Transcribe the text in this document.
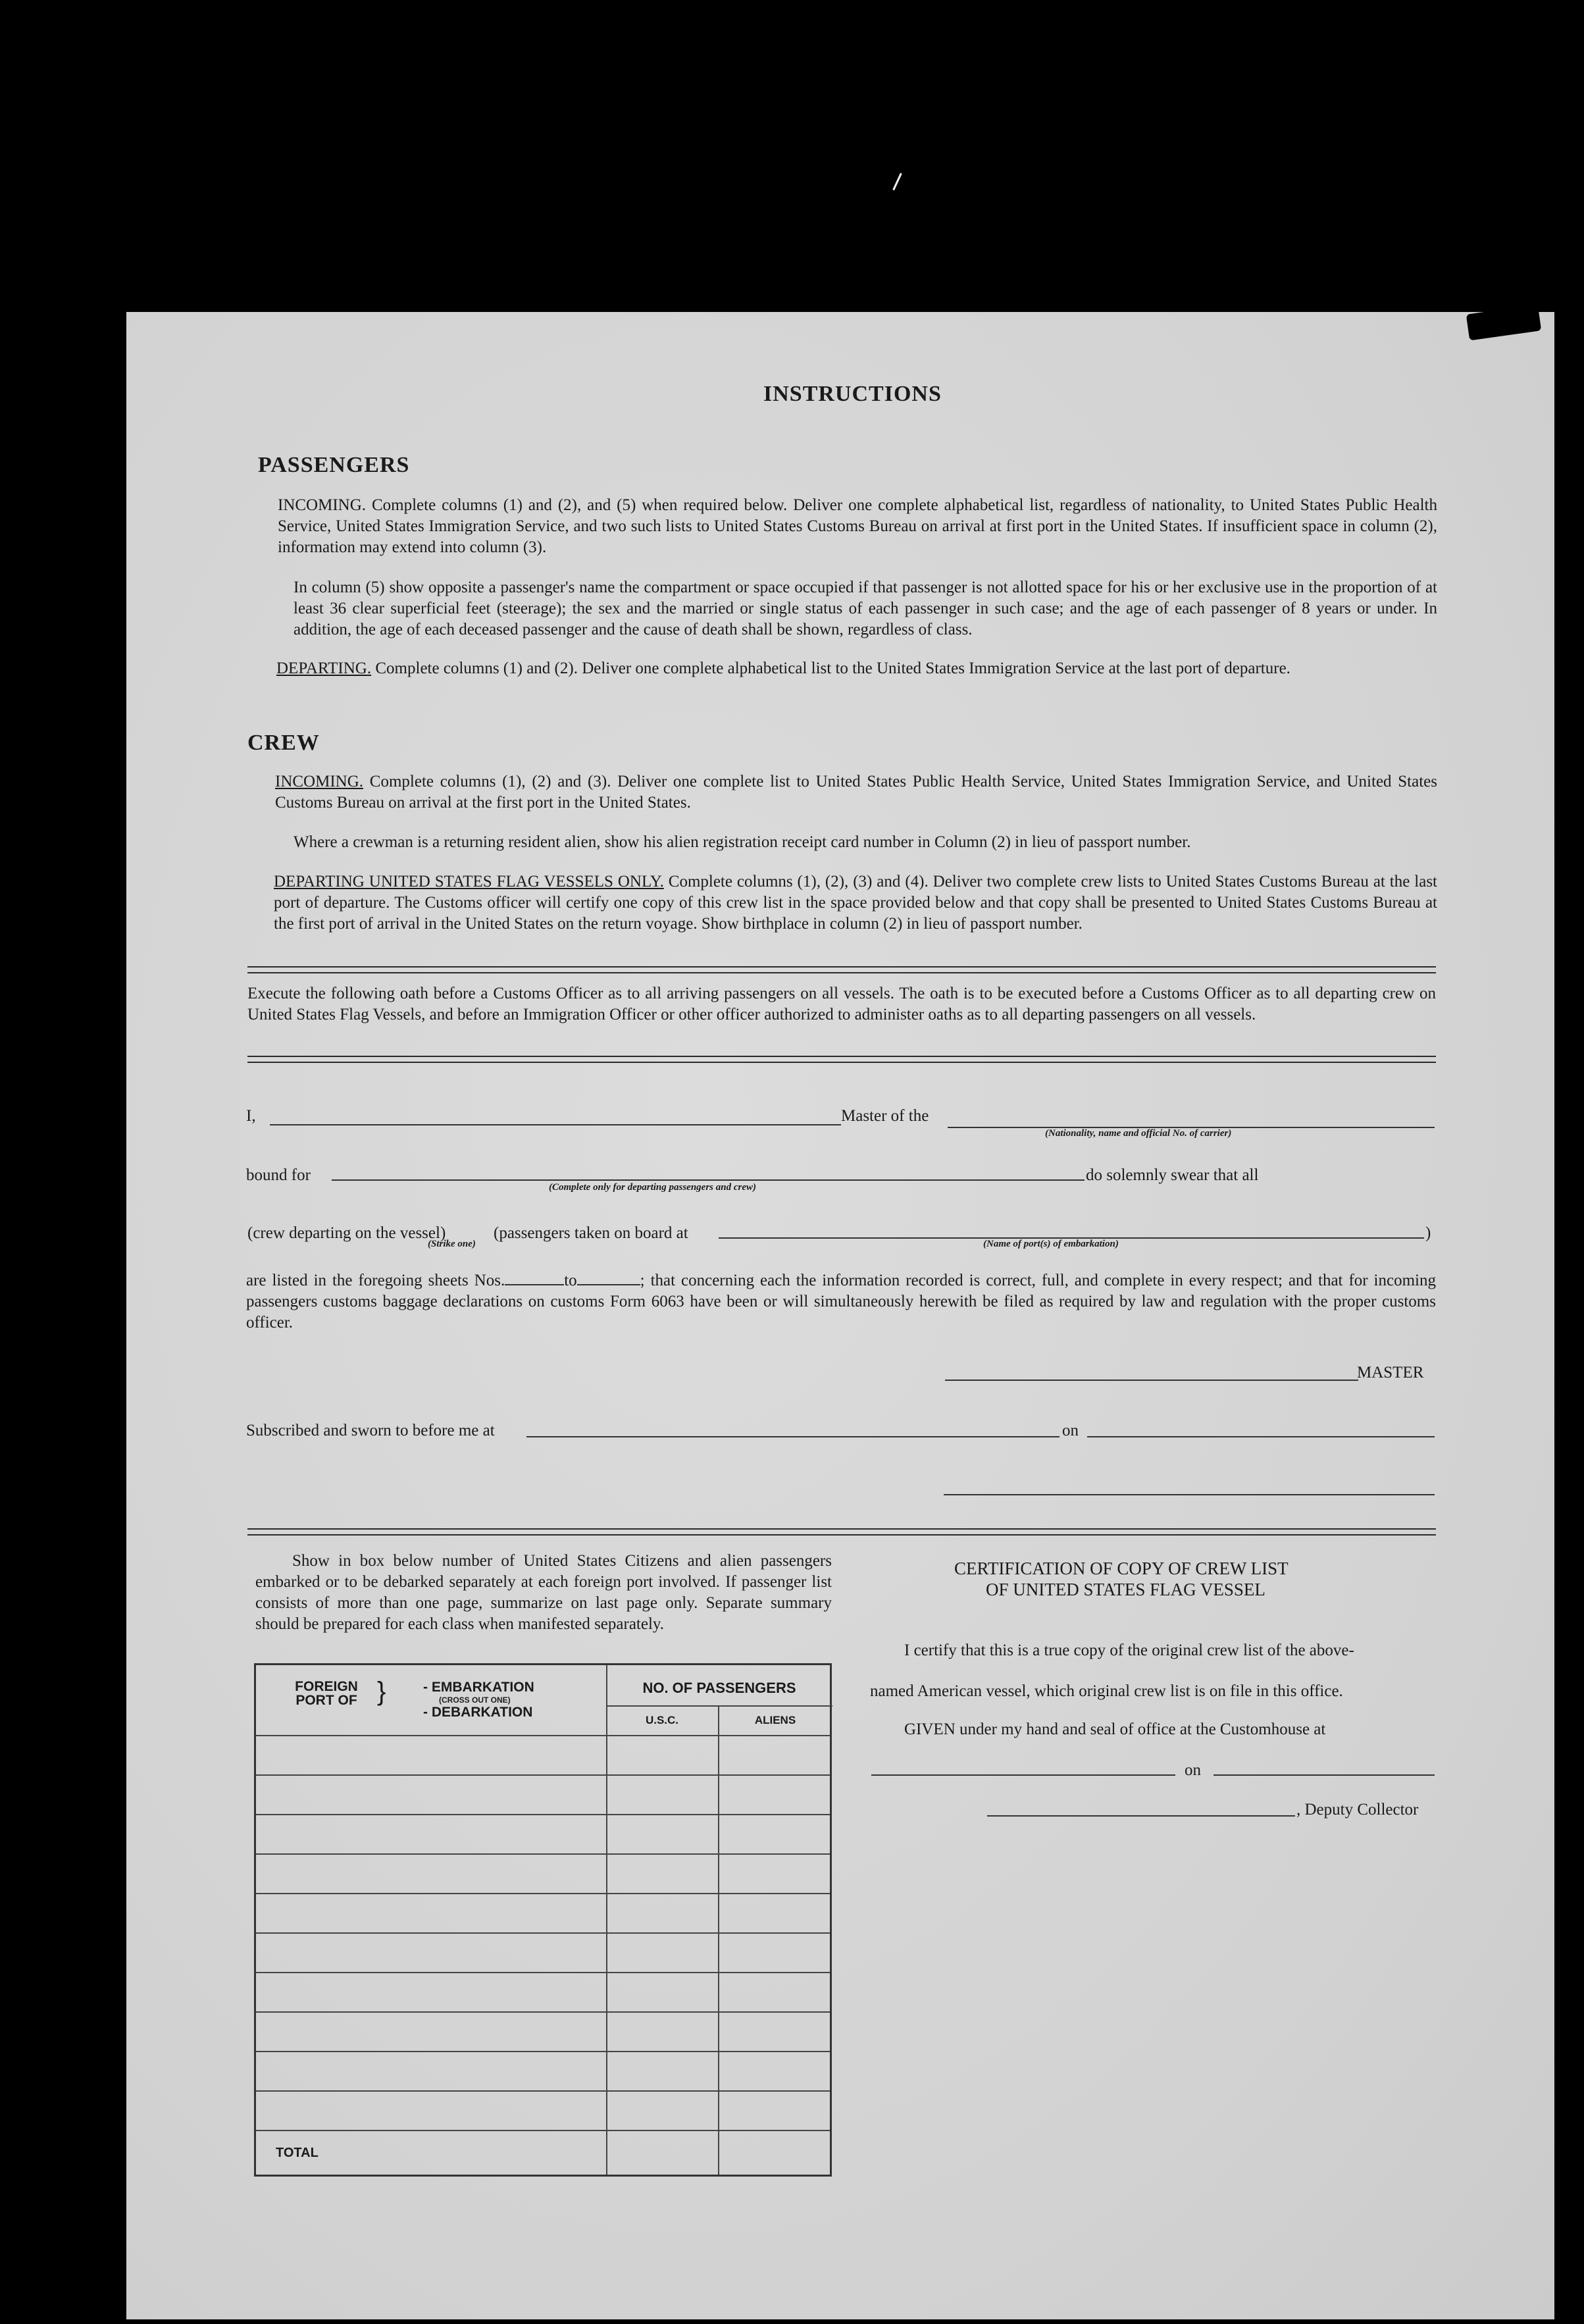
INSTRUCTIONS
PASSENGERS
INCOMING. Complete columns (1) and (2), and (5) when required below. Deliver one complete alphabetical list, regardless of nationality, to United States Public Health Service, United States Immigration Service, and two such lists to United States Customs Bureau on arrival at first port in the United States. If insufficient space in column (2), information may extend into column (3).
In column (5) show opposite a passenger's name the compartment or space occupied if that passenger is not allotted space for his or her exclusive use in the proportion of at least 36 clear superficial feet (steerage); the sex and the married or single status of each passenger in such case; and the age of each passenger of 8 years or under. In addition, the age of each deceased passenger and the cause of death shall be shown, regardless of class.
DEPARTING. Complete columns (1) and (2). Deliver one complete alphabetical list to the United States Immigration Service at the last port of departure.
CREW
INCOMING. Complete columns (1), (2) and (3). Deliver one complete list to United States Public Health Service, United States Immigration Service, and United States Customs Bureau on arrival at the first port in the United States.
Where a crewman is a returning resident alien, show his alien registration receipt card number in Column (2) in lieu of passport number.
DEPARTING UNITED STATES FLAG VESSELS ONLY. Complete columns (1), (2), (3) and (4). Deliver two complete crew lists to United States Customs Bureau at the last port of departure. The Customs officer will certify one copy of this crew list in the space provided below and that copy shall be presented to United States Customs Bureau at the first port of arrival in the United States on the return voyage. Show birthplace in column (2) in lieu of passport number.
Execute the following oath before a Customs Officer as to all arriving passengers on all vessels. The oath is to be executed before a Customs Officer as to all departing crew on United States Flag Vessels, and before an Immigration Officer or other officer authorized to administer oaths as to all departing passengers on all vessels.
I,	Master of the
(Nationality, name and official No. of carrier)
bound for	do solemnly swear that all
(Complete only for departing passengers and crew)
(crew departing on the vessel)	(passengers taken on board at	)
(Strike one)	(Name of port(s) of embarkation)
are listed in the foregoing sheets Nos.	to	; that concerning each the information recorded is correct, full, and complete in every respect; and that for incoming passengers customs baggage declarations on customs Form 6063 have been or will simultaneously herewith be filed as required by law and regulation with the proper customs officer.
MASTER
Subscribed and sworn to before me at	on
Show in box below number of United States Citizens and alien passengers embarked or to be debarked separately at each foreign port involved. If passenger list consists of more than one page, summarize on last page only. Separate summary should be prepared for each class when manifested separately.
FOREIGN PORT OF }	- EMBARKATION
(CROSS OUT ONE)
- DEBARKATION
NO. OF PASSENGERS
U.S.C.	ALIENS
TOTAL
CERTIFICATION OF COPY OF CREW LIST
OF UNITED STATES FLAG VESSEL
I certify that this is a true copy of the original crew list of the above-
named American vessel, which original crew list is on file in this office.
GIVEN under my hand and seal of office at the Customhouse at
on
, Deputy Collector
